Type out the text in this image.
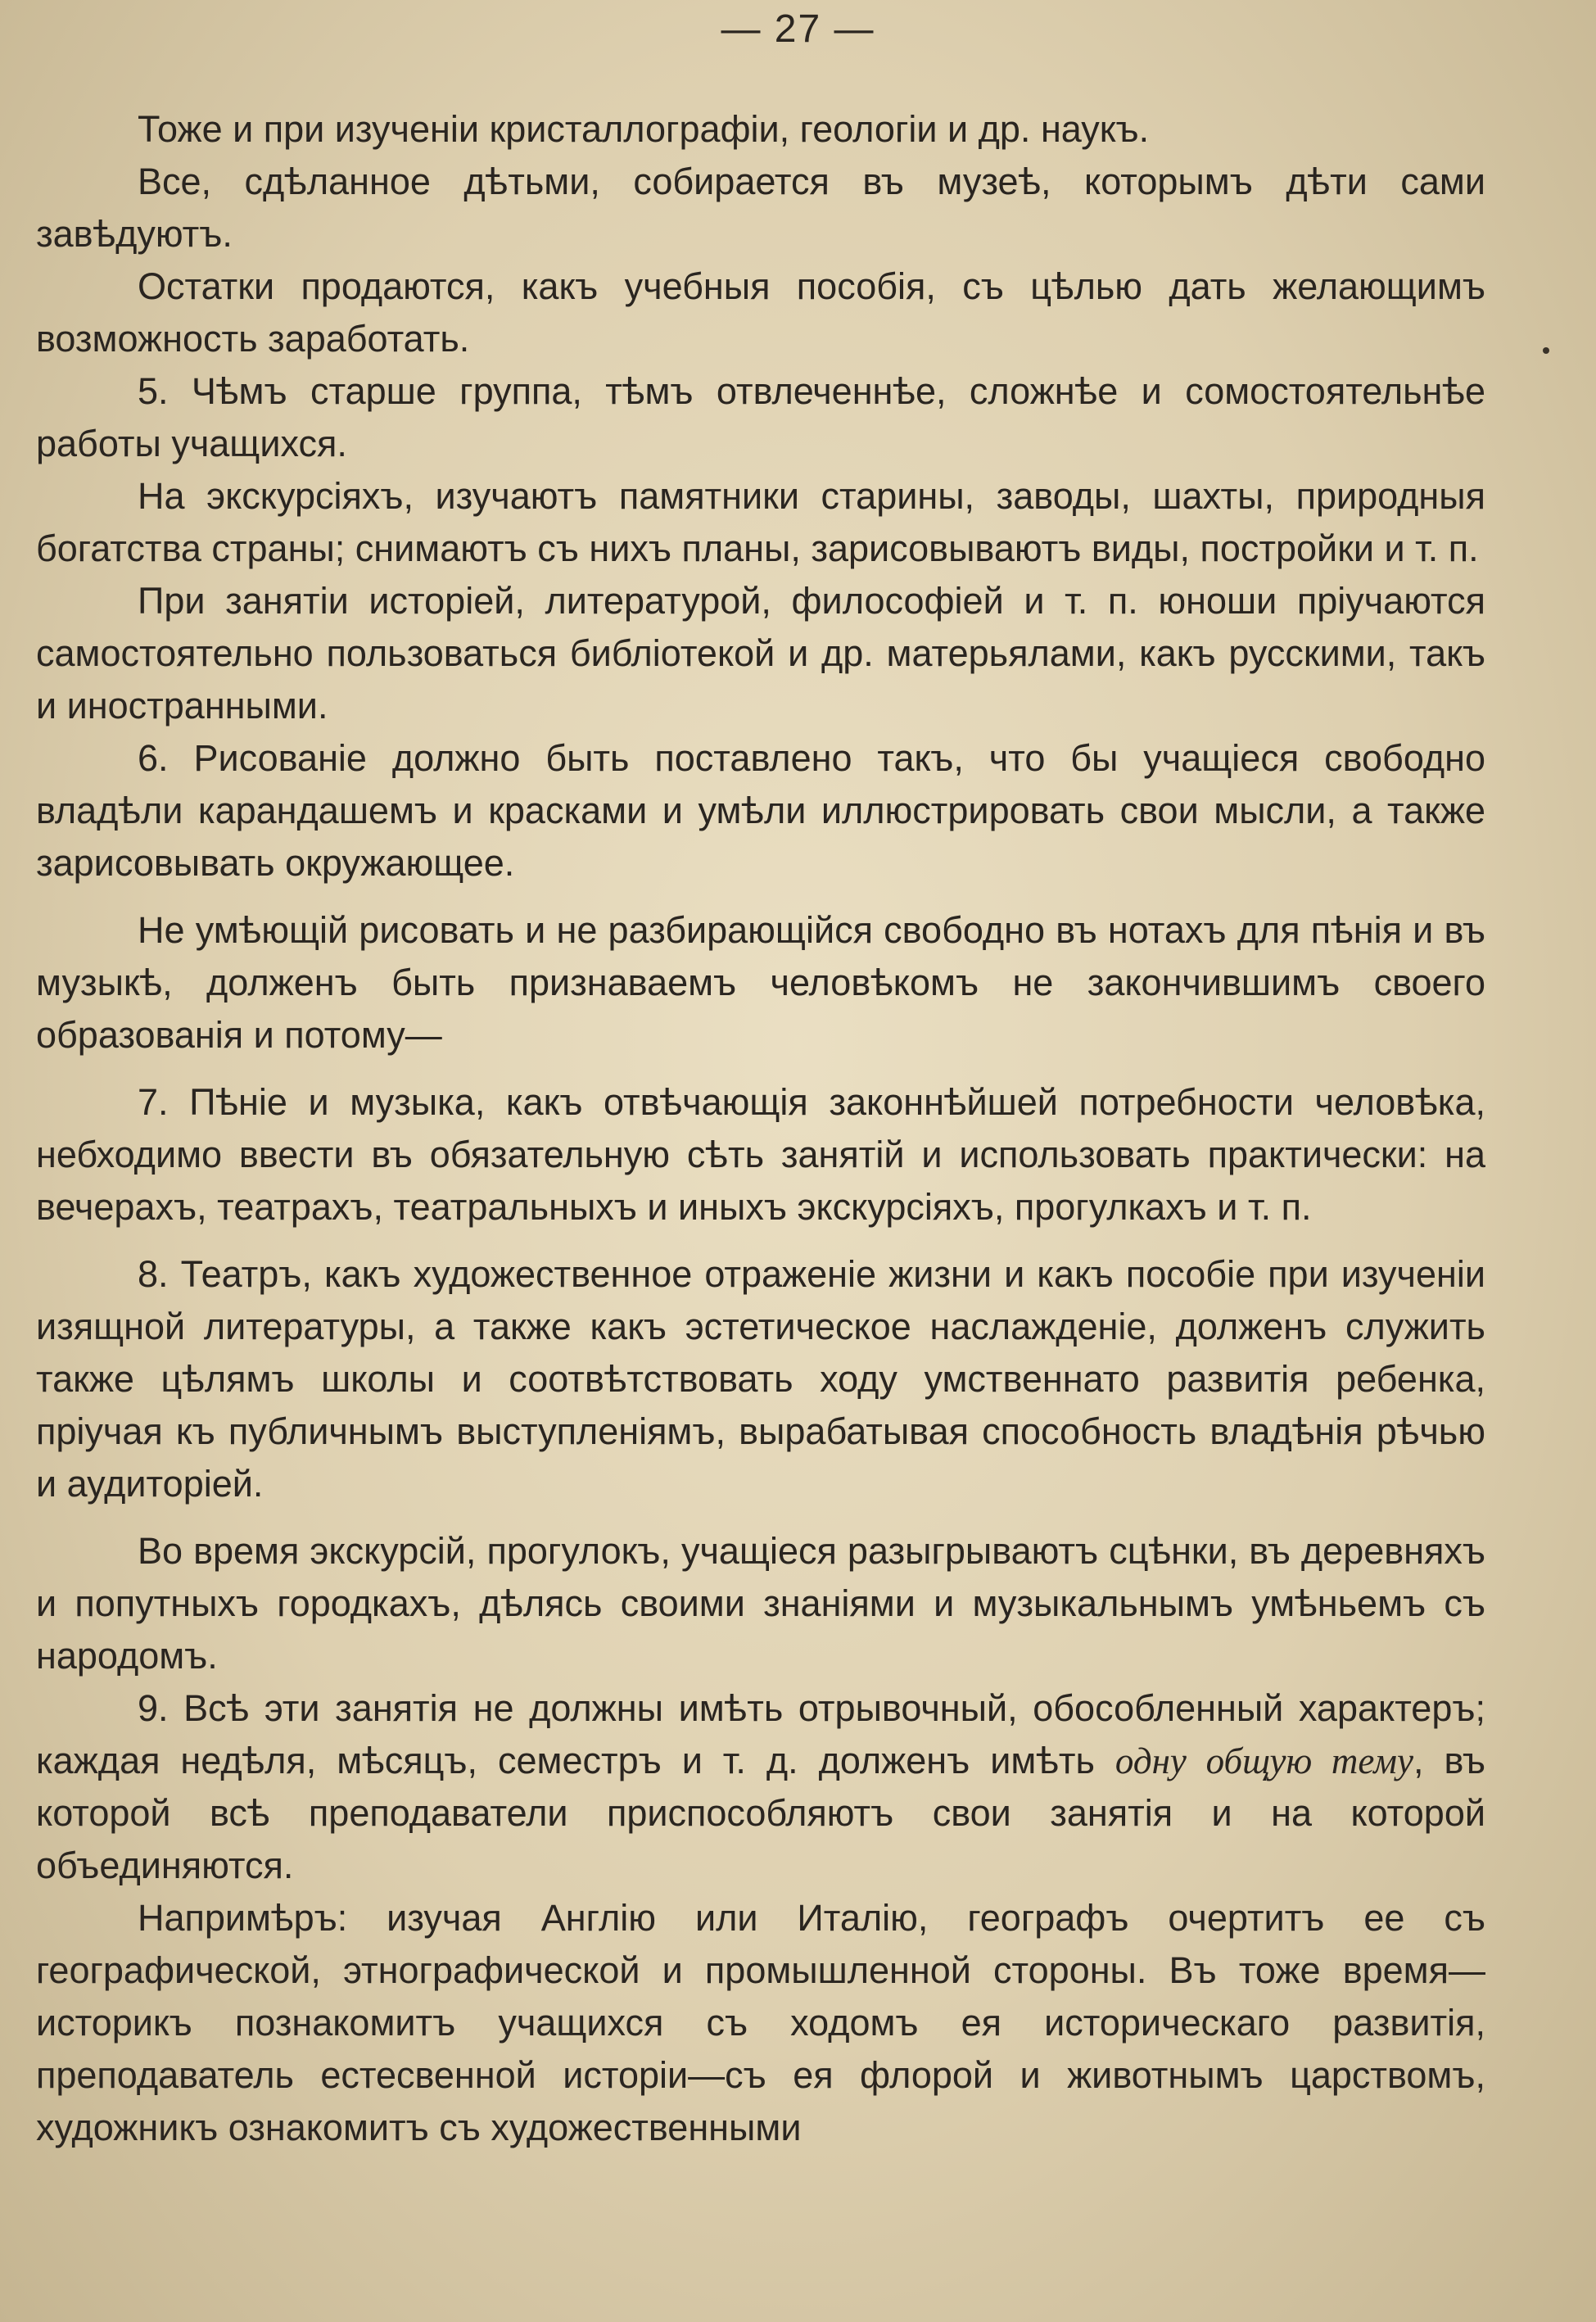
— 27 —

Тоже и при изученіи кристаллографіи, геологіи и др. наукъ.

Все, сдѣланное дѣтьми, собирается въ музеѣ, которымъ дѣти сами завѣдуютъ.

Остатки продаются, какъ учебныя пособія, съ цѣлью дать желающимъ возможность заработать.

5. Чѣмъ старше группа, тѣмъ отвлеченнѣе, сложнѣе и сомостоятельнѣе работы учащихся.

На экскурсіяхъ, изучаютъ памятники старины, заводы, шахты, природныя богатства страны; снимаютъ съ нихъ планы, зарисовываютъ виды, постройки и т. п.

При занятіи исторіей, литературой, философіей и т. п. юноши пріучаются самостоятельно пользоваться библіотекой и др. матерьялами, какъ русскими, такъ и иностранными.

6. Рисованіе должно быть поставлено такъ, что бы учащіеся свободно владѣли карандашемъ и красками и умѣли иллюстрировать свои мысли, а также зарисовывать окружающее.

Не умѣющій рисовать и не разбирающійся свободно въ нотахъ для пѣнія и въ музыкѣ, долженъ быть признаваемъ человѣкомъ не закончившимъ своего образованія и потому—

7. Пѣніе и музыка, какъ отвѣчающія законнѣйшей потребности человѣка, небходимо ввести въ обязательную сѣть занятій и использовать практически: на вечерахъ, театрахъ, театральныхъ и иныхъ экскурсіяхъ, прогулкахъ и т. п.

8. Театръ, какъ художественное отраженіе жизни и какъ пособіе при изученіи изящной литературы, а также какъ эстетическое наслажденіе, долженъ служить также цѣлямъ школы и соотвѣтствовать ходу умственнато развитія ребенка, пріучая къ публичнымъ выступленіямъ, вырабатывая способность владѣнія рѣчью и аудиторіей.

Во время экскурсій, прогулокъ, учащіеся разыгрываютъ сцѣнки, въ деревняхъ и попутныхъ городкахъ, дѣлясь своими знаніями и музыкальнымъ умѣньемъ съ народомъ.

9. Всѣ эти занятія не должны имѣть отрывочный, обособленный характеръ; каждая недѣля, мѣсяцъ, семестръ и т. д. долженъ имѣть одну общую тему, въ которой всѣ преподаватели приспособляютъ свои занятія и на которой объединяются.

Напримѣръ: изучая Англію или Италію, географъ очертитъ ее съ географической, этнографической и промышленной стороны. Въ тоже время—историкъ познакомитъ учащихся съ ходомъ ея историческаго развитія, преподаватель естесвенной исторіи—съ ея флорой и животнымъ царствомъ, художникъ ознакомитъ съ художественными
